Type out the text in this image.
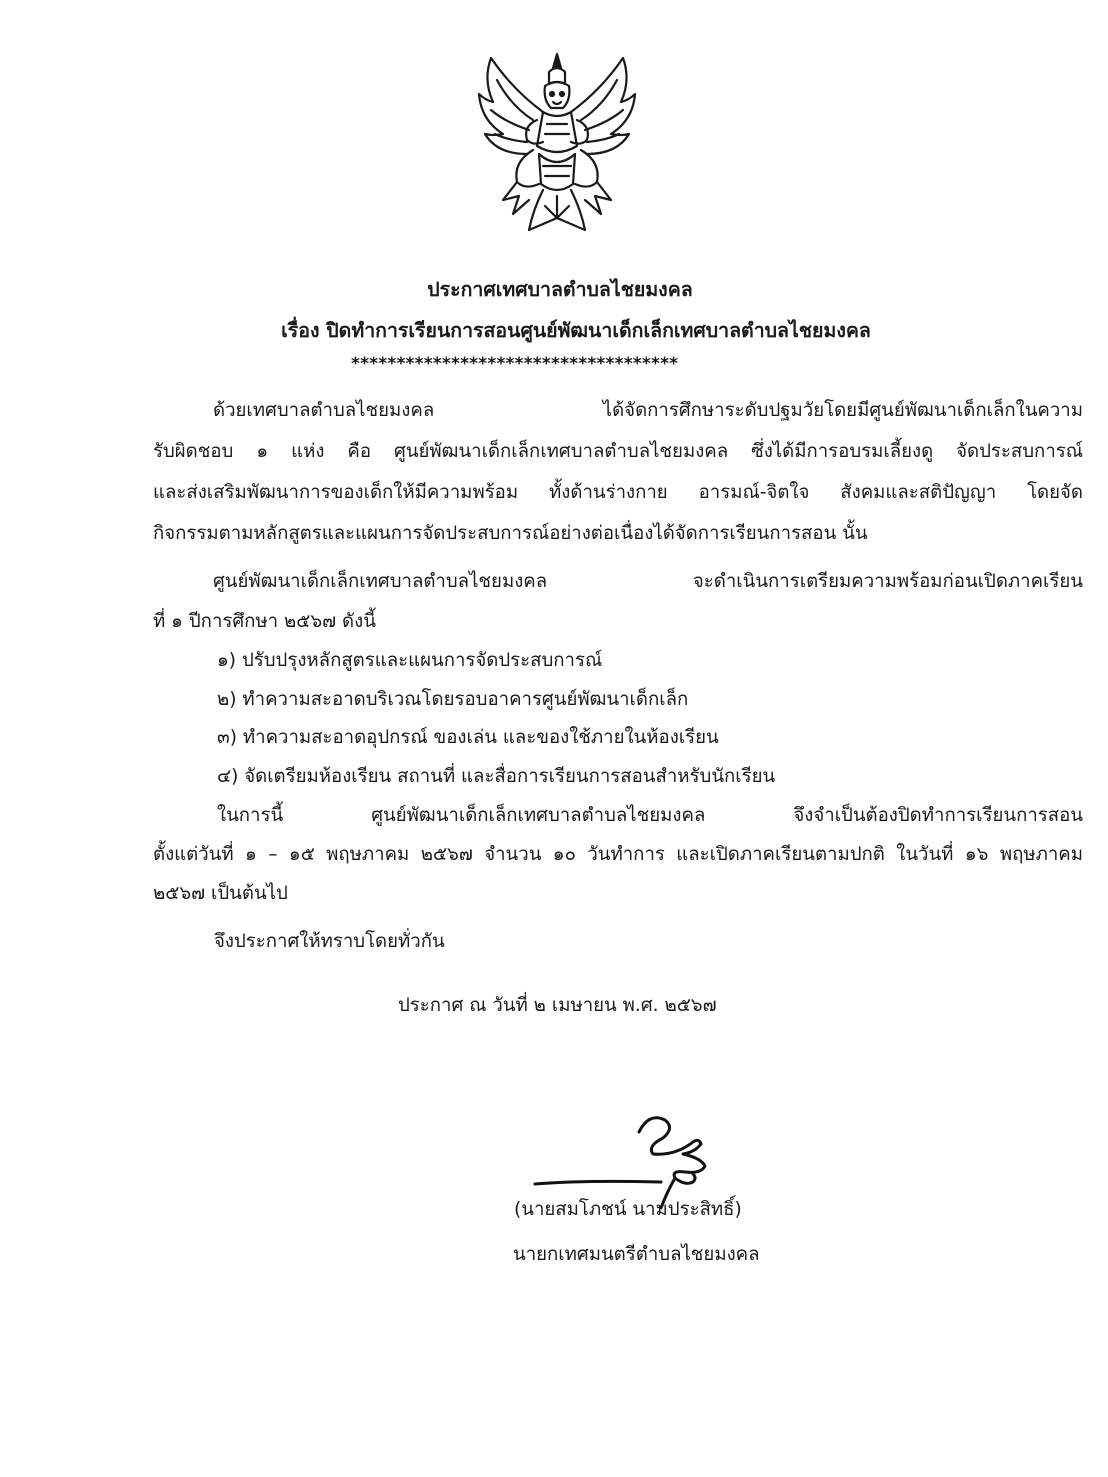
ประกาศเทศบาลตำบลไชยมงคล
เรื่อง ปิดทำการเรียนการสอนศูนย์พัฒนาเด็กเล็กเทศบาลตำบลไชยมงคล
************************************
ด้วยเทศบาลตำบลไชยมงคล ได้จัดการศึกษาระดับปฐมวัยโดยมีศูนย์พัฒนาเด็กเล็กในความ
รับผิดชอบ ๑ แห่ง คือ ศูนย์พัฒนาเด็กเล็กเทศบาลตำบลไชยมงคล ซึ่งได้มีการอบรมเลี้ยงดู จัดประสบการณ์
และส่งเสริมพัฒนาการของเด็กให้มีความพร้อม ทั้งด้านร่างกาย อารมณ์-จิตใจ สังคมและสติปัญญา โดยจัด
กิจกรรมตามหลักสูตรและแผนการจัดประสบการณ์อย่างต่อเนื่องได้จัดการเรียนการสอน นั้น
ศูนย์พัฒนาเด็กเล็กเทศบาลตำบลไชยมงคล จะดำเนินการเตรียมความพร้อมก่อนเปิดภาคเรียน
ที่ ๑ ปีการศึกษา ๒๕๖๗ ดังนี้
๑) ปรับปรุงหลักสูตรและแผนการจัดประสบการณ์
๒) ทำความสะอาดบริเวณโดยรอบอาคารศูนย์พัฒนาเด็กเล็ก
๓) ทำความสะอาดอุปกรณ์ ของเล่น และของใช้ภายในห้องเรียน
๔) จัดเตรียมห้องเรียน สถานที่ และสื่อการเรียนการสอนสำหรับนักเรียน
ในการนี้ ศูนย์พัฒนาเด็กเล็กเทศบาลตำบลไชยมงคล จึงจำเป็นต้องปิดทำการเรียนการสอน
ตั้งแต่วันที่ ๑ – ๑๕ พฤษภาคม ๒๕๖๗ จำนวน ๑๐ วันทำการ และเปิดภาคเรียนตามปกติ ในวันที่ ๑๖ พฤษภาคม
๒๕๖๗ เป็นต้นไป
จึงประกาศให้ทราบโดยทั่วกัน
ประกาศ ณ วันที่ ๒ เมษายน พ.ศ. ๒๕๖๗
(นายสมโภชน์ นามประสิทธิ์)
นายกเทศมนตรีตำบลไชยมงคล
